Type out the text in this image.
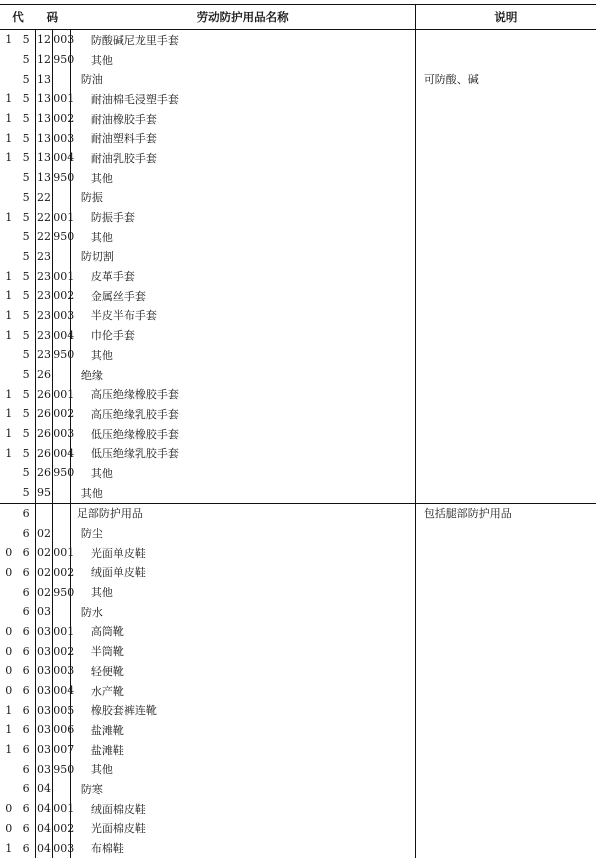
代　　码				劳动防护用品名称	说明
1	5	12	003	防酸碱尼龙里手套	
	5	12	950	其他	
	5	13		防油	可防酸、碱
1	5	13	001	耐油棉毛浸塑手套	
1	5	13	002	耐油橡胶手套	
1	5	13	003	耐油塑料手套	
1	5	13	004	耐油乳胶手套	
	5	13	950	其他	
	5	22		防振	
1	5	22	001	防振手套	
	5	22	950	其他	
	5	23		防切割	
1	5	23	001	皮革手套	
1	5	23	002	金属丝手套	
1	5	23	003	半皮半布手套	
1	5	23	004	巾伦手套	
	5	23	950	其他	
	5	26		绝缘	
1	5	26	001	高压绝缘橡胶手套	
1	5	26	002	高压绝缘乳胶手套	
1	5	26	003	低压绝缘橡胶手套	
1	5	26	004	低压绝缘乳胶手套	
	5	26	950	其他	
	5	95		其他	
	6			足部防护用品	包括腿部防护用品
	6	02		防尘	
0	6	02	001	光面单皮鞋	
0	6	02	002	绒面单皮鞋	
	6	02	950	其他	
	6	03		防水	
0	6	03	001	高筒靴	
0	6	03	002	半筒靴	
0	6	03	003	轻便靴	
0	6	03	004	水产靴	
1	6	03	005	橡胶套裤连靴	
1	6	03	006	盐滩靴	
1	6	03	007	盐滩鞋	
	6	03	950	其他	
	6	04		防寒	
0	6	04	001	绒面棉皮鞋	
0	6	04	002	光面棉皮鞋	
1	6	04	003	布棉鞋	
